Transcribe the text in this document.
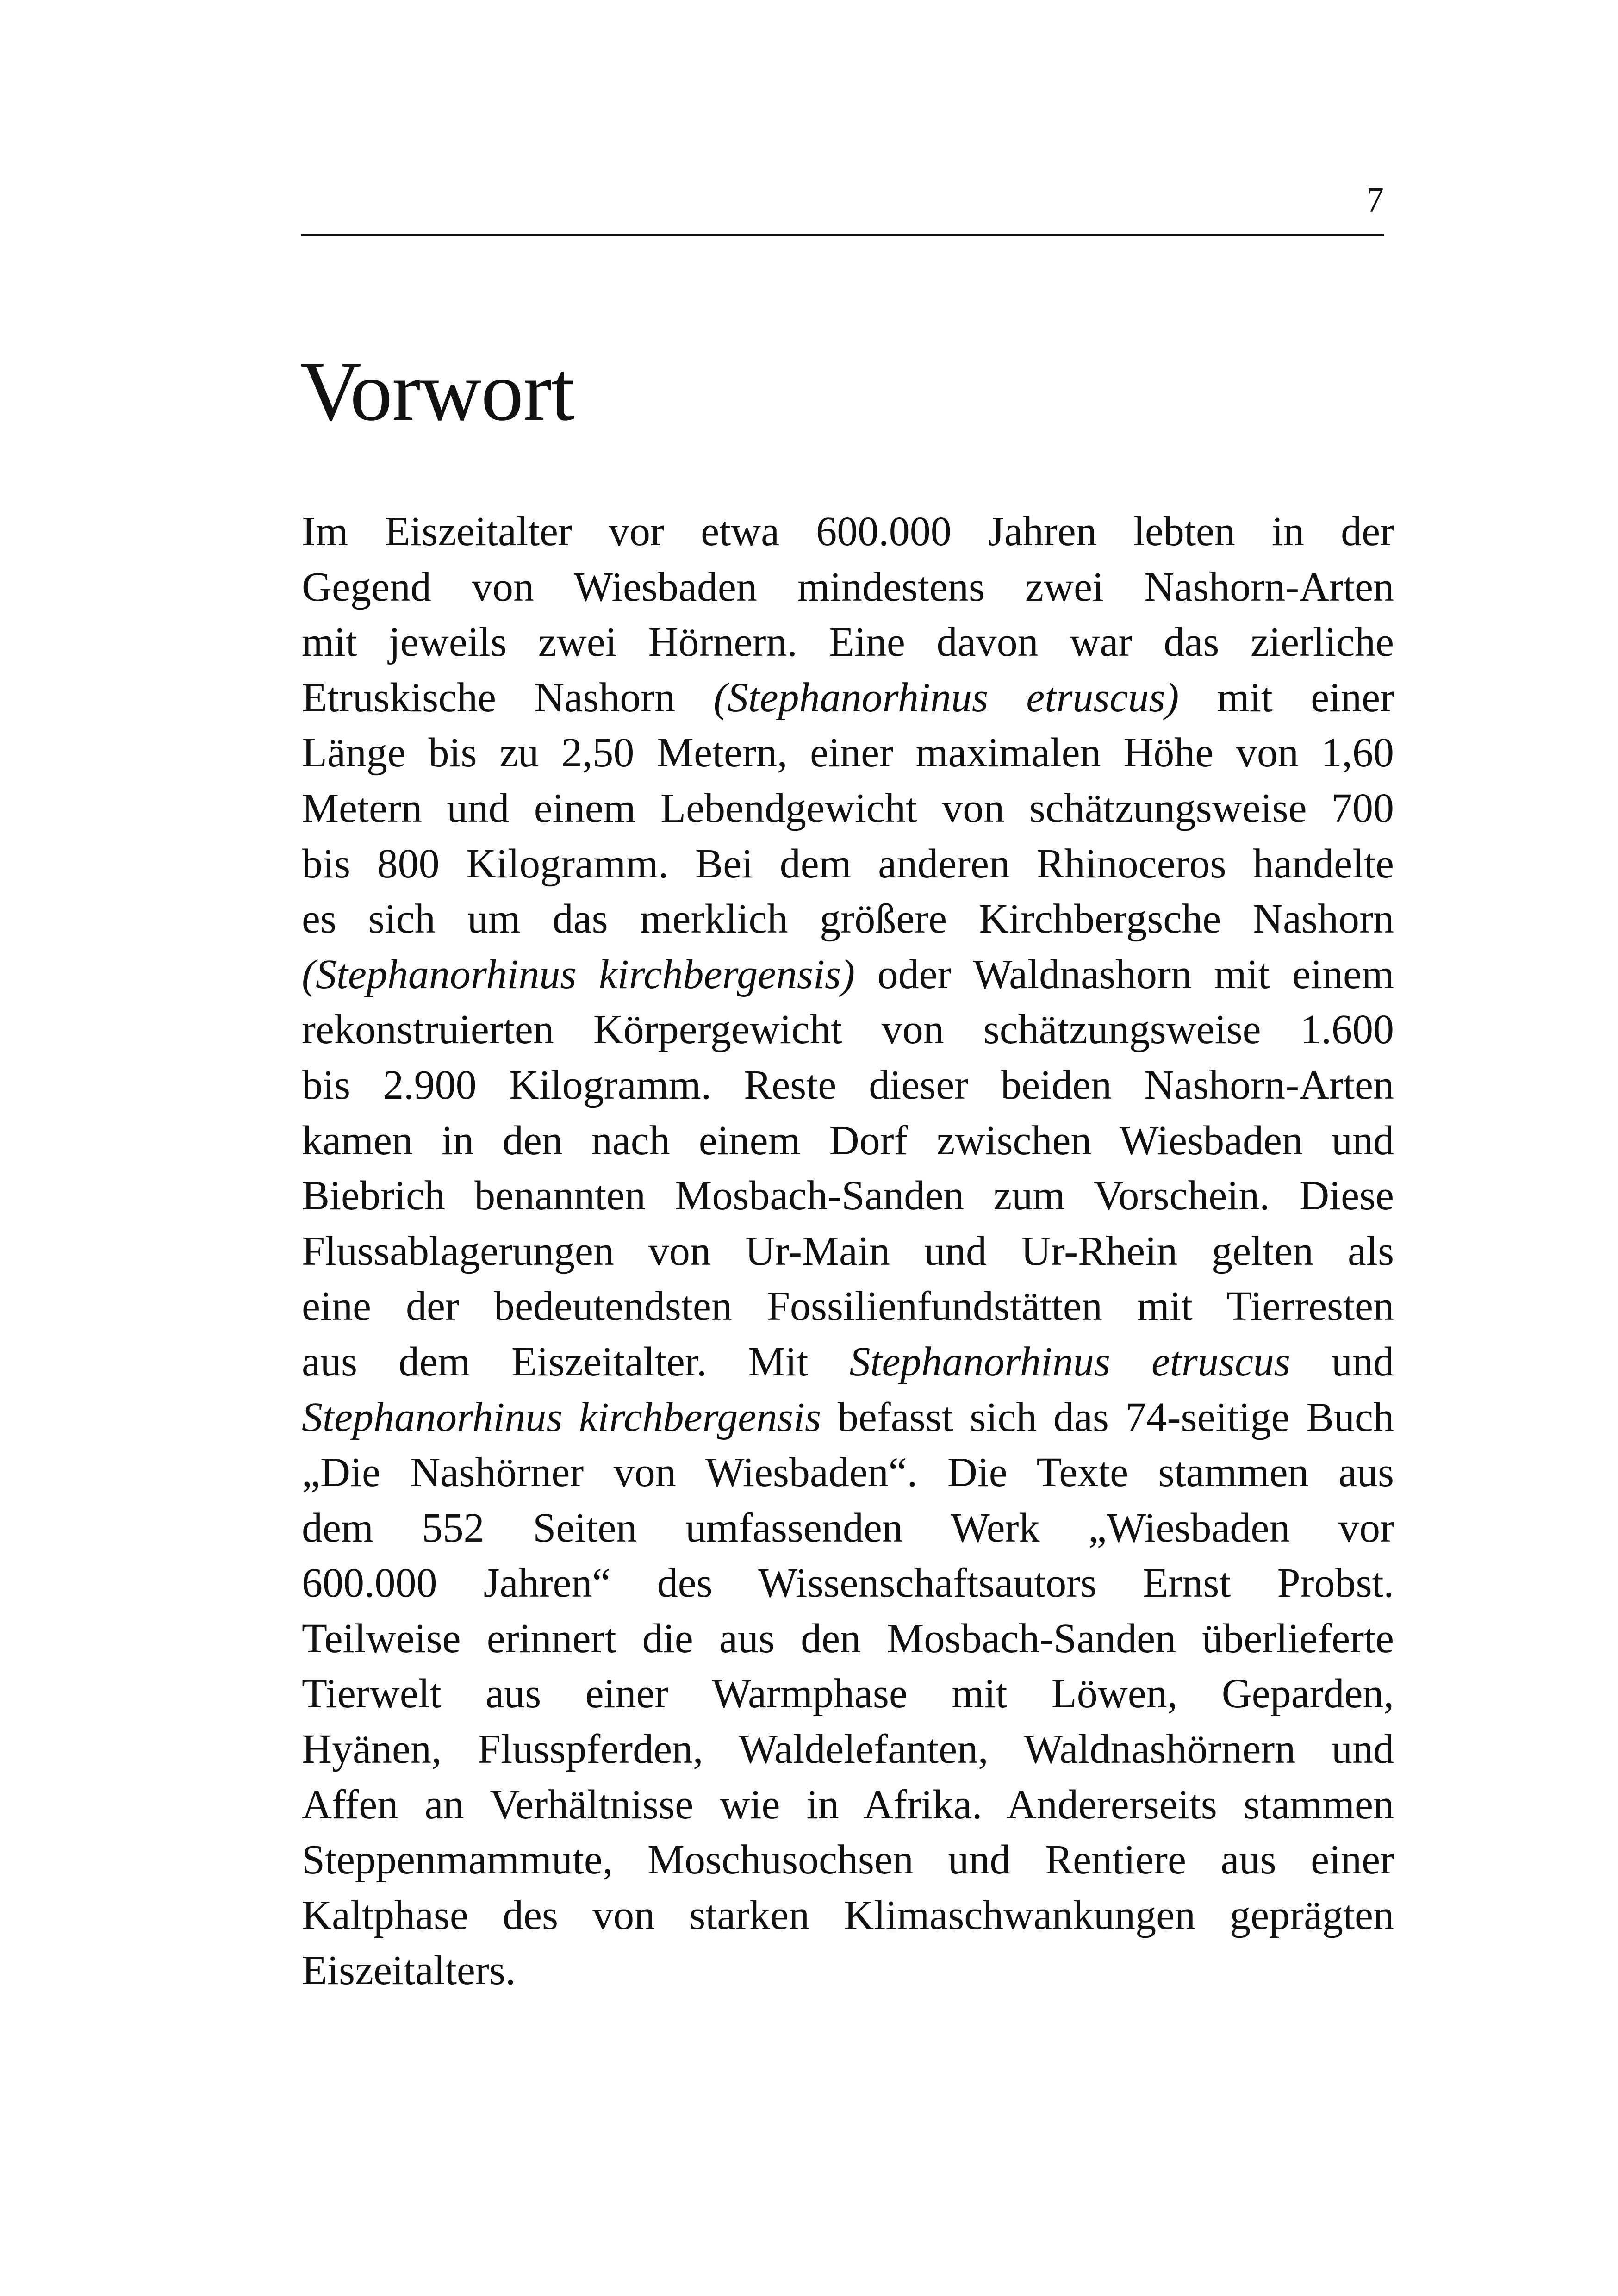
7
Vorwort
Im Eiszeitalter vor etwa 600.000 Jahren lebten in der
Gegend von Wiesbaden mindestens zwei Nashorn-Arten
mit jeweils zwei Hörnern. Eine davon war das zierliche
Etruskische Nashorn (Stephanorhinus etruscus) mit einer
Länge bis zu 2,50 Metern, einer maximalen Höhe von 1,60
Metern und einem Lebendgewicht von schätzungsweise 700
bis 800 Kilogramm. Bei dem anderen Rhinoceros handelte
es sich um das merklich größere Kirchbergsche Nashorn
(Stephanorhinus kirchbergensis) oder Waldnashorn mit einem
rekonstruierten Körpergewicht von schätzungsweise 1.600
bis 2.900 Kilogramm. Reste dieser beiden Nashorn-Arten
kamen in den nach einem Dorf zwischen Wiesbaden und
Biebrich benannten Mosbach-Sanden zum Vorschein. Diese
Flussablagerungen von Ur-Main und Ur-Rhein gelten als
eine der bedeutendsten Fossilienfundstätten mit Tierresten
aus dem Eiszeitalter. Mit Stephanorhinus etruscus und
Stephanorhinus kirchbergensis befasst sich das 74-seitige Buch
„Die Nashörner von Wiesbaden“. Die Texte stammen aus
dem 552 Seiten umfassenden Werk „Wiesbaden vor
600.000 Jahren“ des Wissenschaftsautors Ernst Probst.
Teilweise erinnert die aus den Mosbach-Sanden überlieferte
Tierwelt aus einer Warmphase mit Löwen, Geparden,
Hyänen, Flusspferden, Waldelefanten, Waldnashörnern und
Affen an Verhältnisse wie in Afrika. Andererseits stammen
Steppenmammute, Moschusochsen und Rentiere aus einer
Kaltphase des von starken Klimaschwankungen geprägten
Eiszeitalters.
